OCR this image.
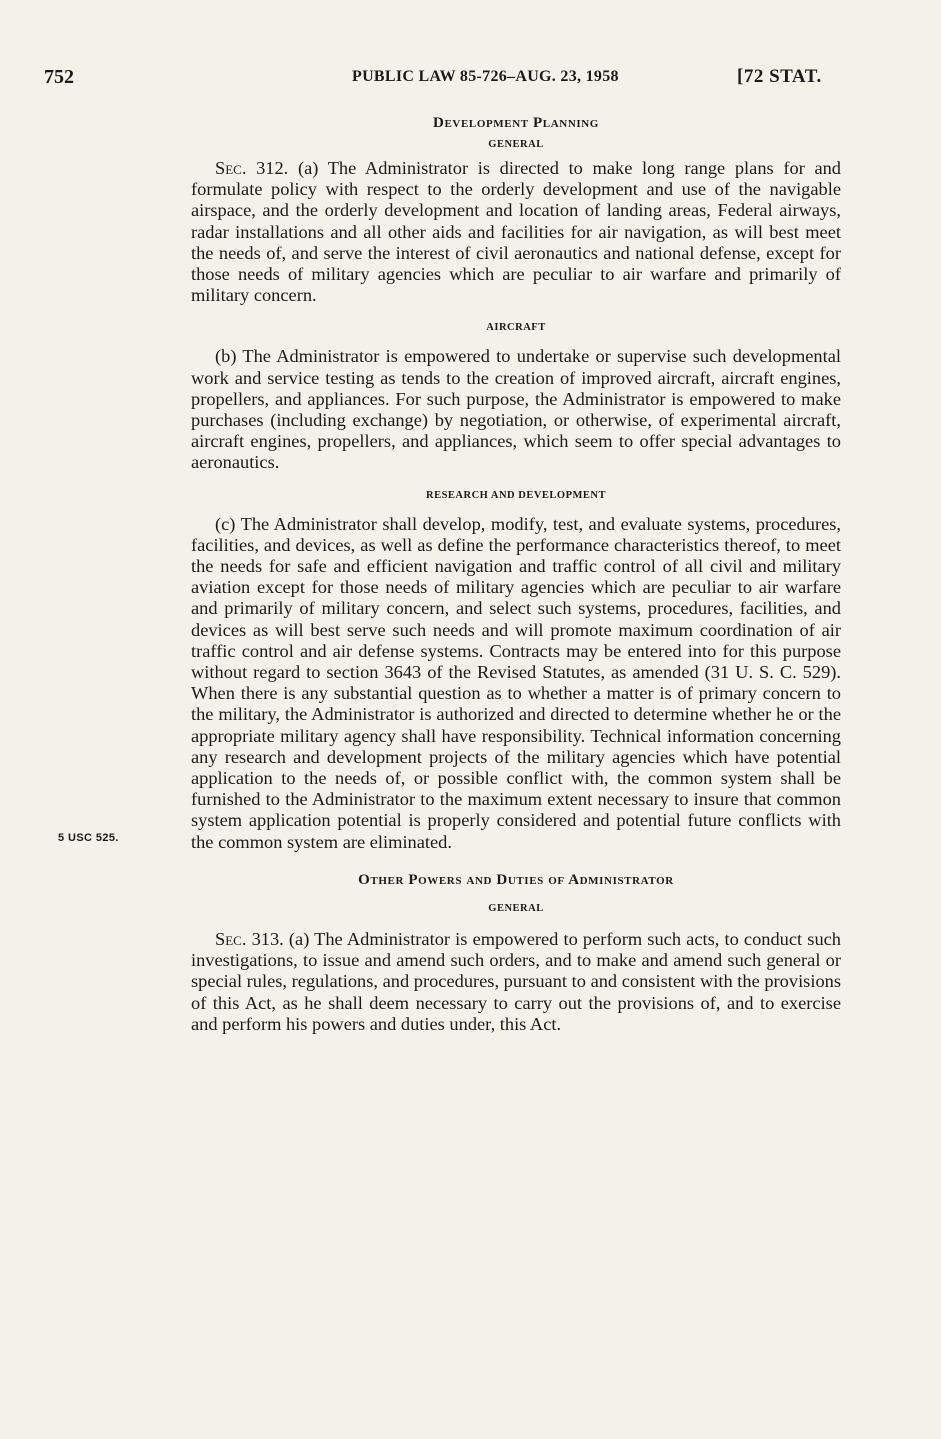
752	PUBLIC LAW 85-726–AUG. 23, 1958	[72 STAT.
5 USC 525.
Development Planning
GENERAL

Sec. 312. (a) The Administrator is directed to make long range plans for and formulate policy with respect to the orderly development and use of the navigable airspace, and the orderly development and location of landing areas, Federal airways, radar installations and all other aids and facilities for air navigation, as will best meet the needs of, and serve the interest of civil aeronautics and national defense, except for those needs of military agencies which are peculiar to air warfare and primarily of military concern.

AIRCRAFT

(b) The Administrator is empowered to undertake or supervise such developmental work and service testing as tends to the creation of improved aircraft, aircraft engines, propellers, and appliances. For such purpose, the Administrator is empowered to make purchases (including exchange) by negotiation, or otherwise, of experimental aircraft, aircraft engines, propellers, and appliances, which seem to offer special advantages to aeronautics.

RESEARCH AND DEVELOPMENT

(c) The Administrator shall develop, modify, test, and evaluate systems, procedures, facilities, and devices, as well as define the performance characteristics thereof, to meet the needs for safe and efficient navigation and traffic control of all civil and military aviation except for those needs of military agencies which are peculiar to air warfare and primarily of military concern, and select such systems, procedures, facilities, and devices as will best serve such needs and will promote maximum coordination of air traffic control and air defense systems. Contracts may be entered into for this purpose without regard to section 3643 of the Revised Statutes, as amended (31 U. S. C. 529). When there is any substantial question as to whether a matter is of primary concern to the military, the Administrator is authorized and directed to determine whether he or the appropriate military agency shall have responsibility. Technical information concerning any research and development projects of the military agencies which have potential application to the needs of, or possible conflict with, the common system shall be furnished to the Administrator to the maximum extent necessary to insure that common system application potential is properly considered and potential future conflicts with the common system are eliminated.

Other Powers and Duties of Administrator
GENERAL

Sec. 313. (a) The Administrator is empowered to perform such acts, to conduct such investigations, to issue and amend such orders, and to make and amend such general or special rules, regulations, and procedures, pursuant to and consistent with the provisions of this Act, as he shall deem necessary to carry out the provisions of, and to exercise and perform his powers and duties under, this Act.
